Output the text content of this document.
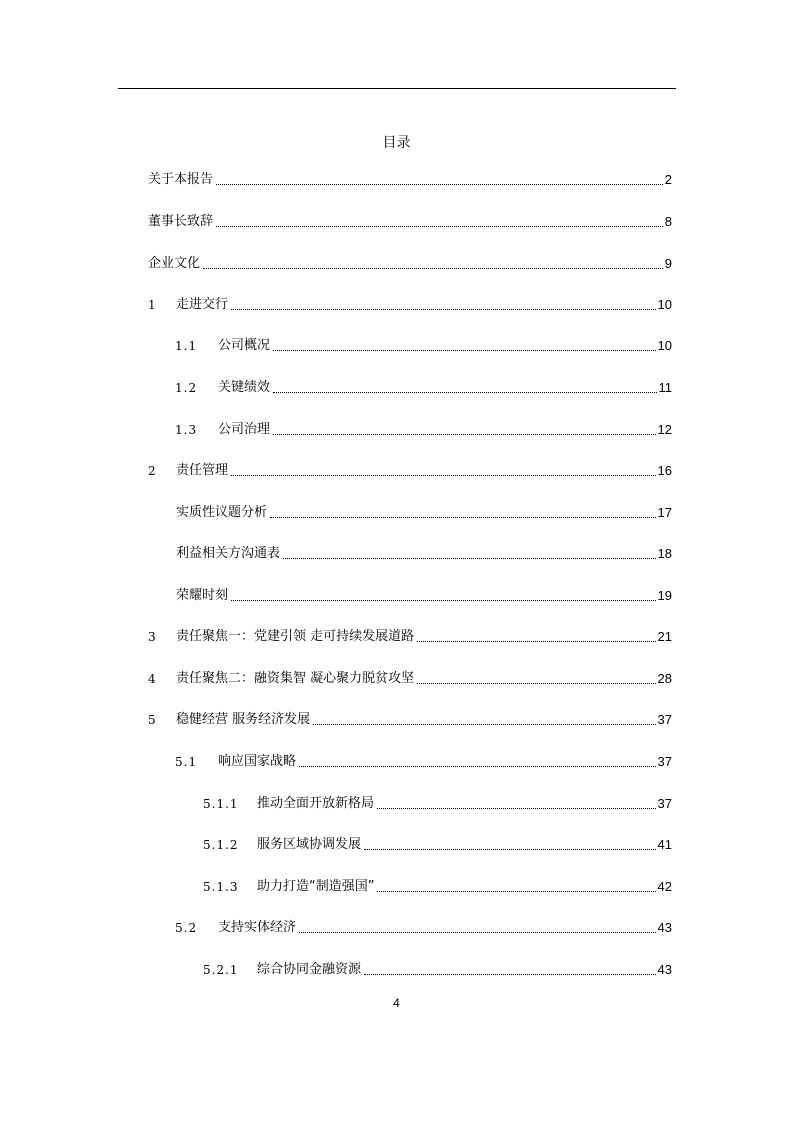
目录
关于本报告	2
董事长致辞	8
企业文化	9
1	走进交行	10
1.1	公司概况	10
1.2	关键绩效	11
1.3	公司治理	12
2	责任管理	16
实质性议题分析	17
利益相关方沟通表	18
荣耀时刻	19
3	责任聚焦一：党建引领 走可持续发展道路	21
4	责任聚焦二：融资集智 凝心聚力脱贫攻坚	28
5	稳健经营 服务经济发展	37
5.1	响应国家战略	37
5.1.1	推动全面开放新格局	37
5.1.2	服务区域协调发展	41
5.1.3	助力打造“制造强国”	42
5.2	支持实体经济	43
5.2.1	综合协同金融资源	43
4
